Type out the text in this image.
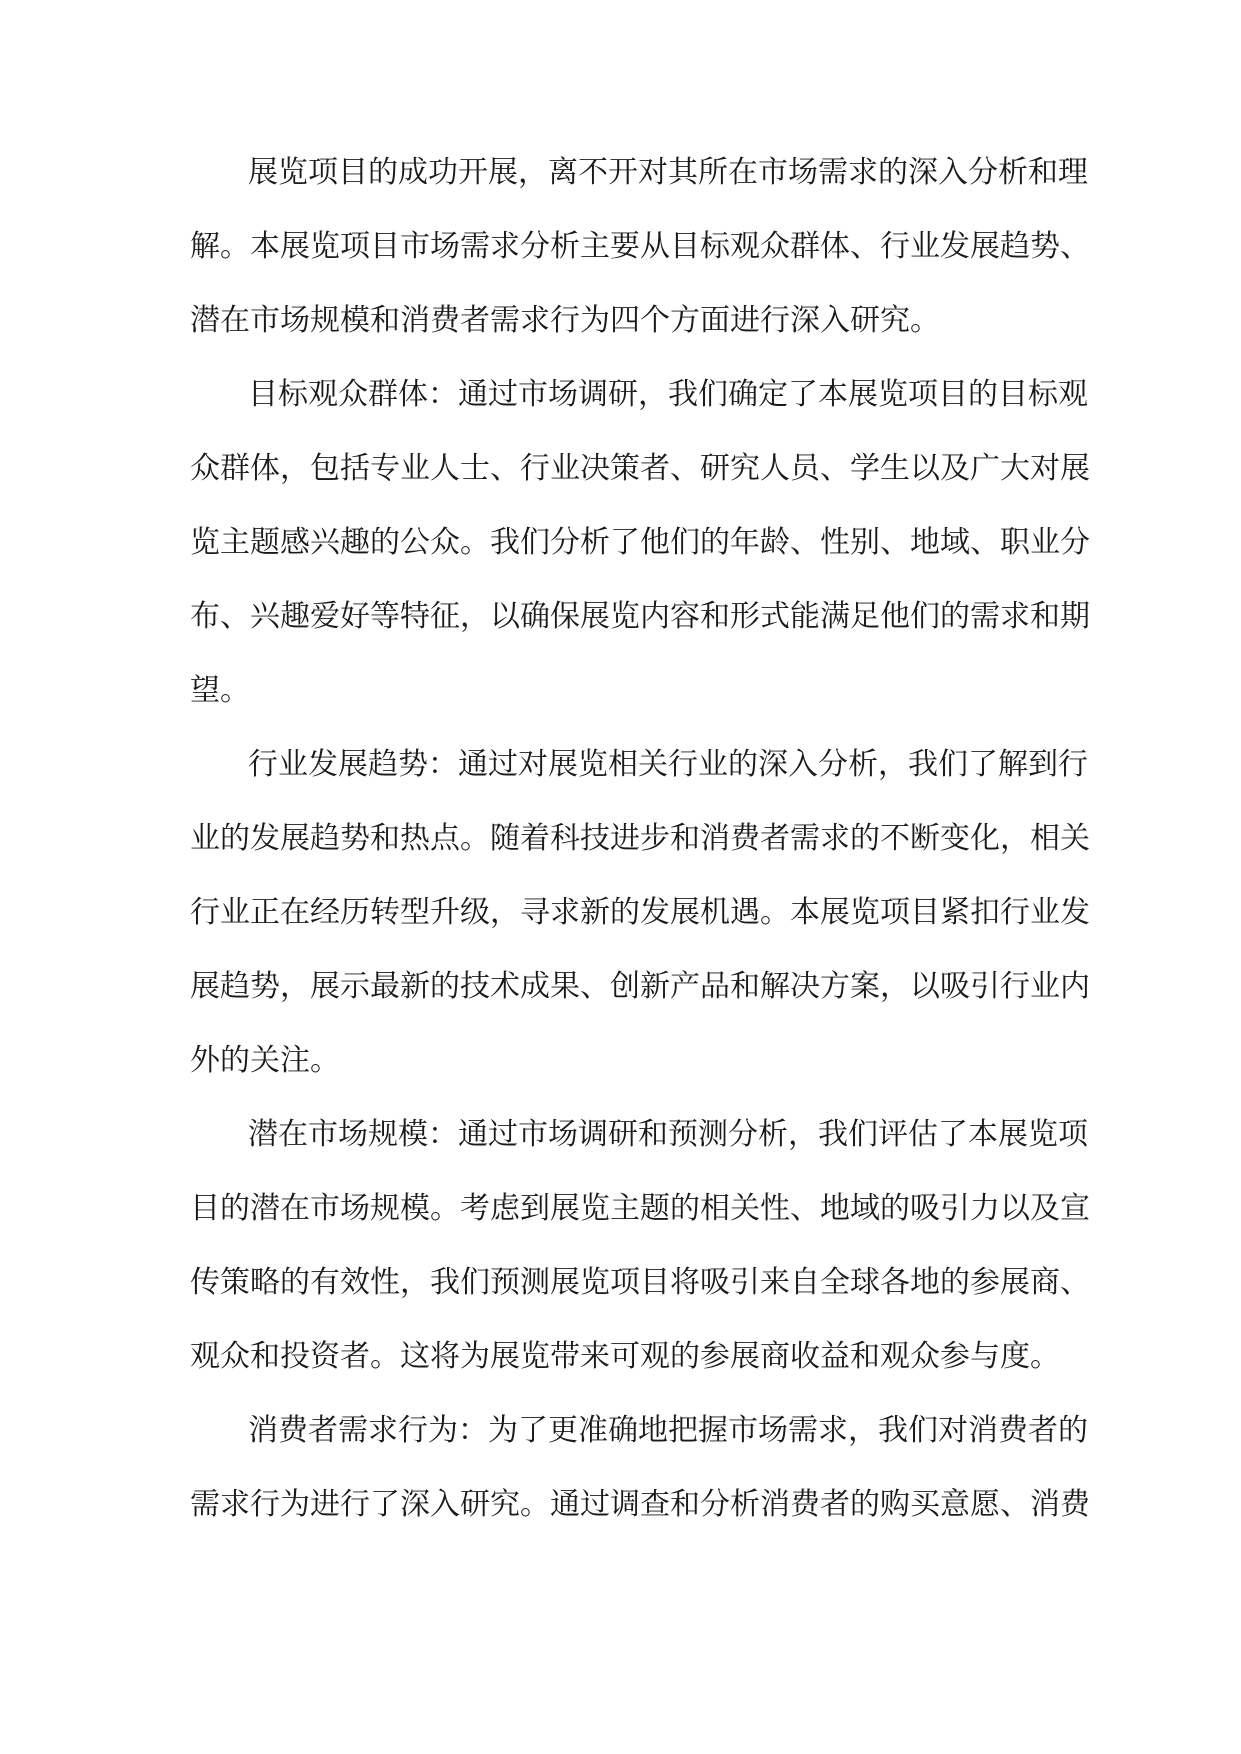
展览项目的成功开展，离不开对其所在市场需求的深入分析和理
解。本展览项目市场需求分析主要从目标观众群体、行业发展趋势、
潜在市场规模和消费者需求行为四个方面进行深入研究。
目标观众群体：通过市场调研，我们确定了本展览项目的目标观
众群体，包括专业人士、行业决策者、研究人员、学生以及广大对展
览主题感兴趣的公众。我们分析了他们的年龄、性别、地域、职业分
布、兴趣爱好等特征，以确保展览内容和形式能满足他们的需求和期
望。
行业发展趋势：通过对展览相关行业的深入分析，我们了解到行
业的发展趋势和热点。随着科技进步和消费者需求的不断变化，相关
行业正在经历转型升级，寻求新的发展机遇。本展览项目紧扣行业发
展趋势，展示最新的技术成果、创新产品和解决方案，以吸引行业内
外的关注。
潜在市场规模：通过市场调研和预测分析，我们评估了本展览项
目的潜在市场规模。考虑到展览主题的相关性、地域的吸引力以及宣
传策略的有效性，我们预测展览项目将吸引来自全球各地的参展商、
观众和投资者。这将为展览带来可观的参展商收益和观众参与度。
消费者需求行为：为了更准确地把握市场需求，我们对消费者的
需求行为进行了深入研究。通过调查和分析消费者的购买意愿、消费
